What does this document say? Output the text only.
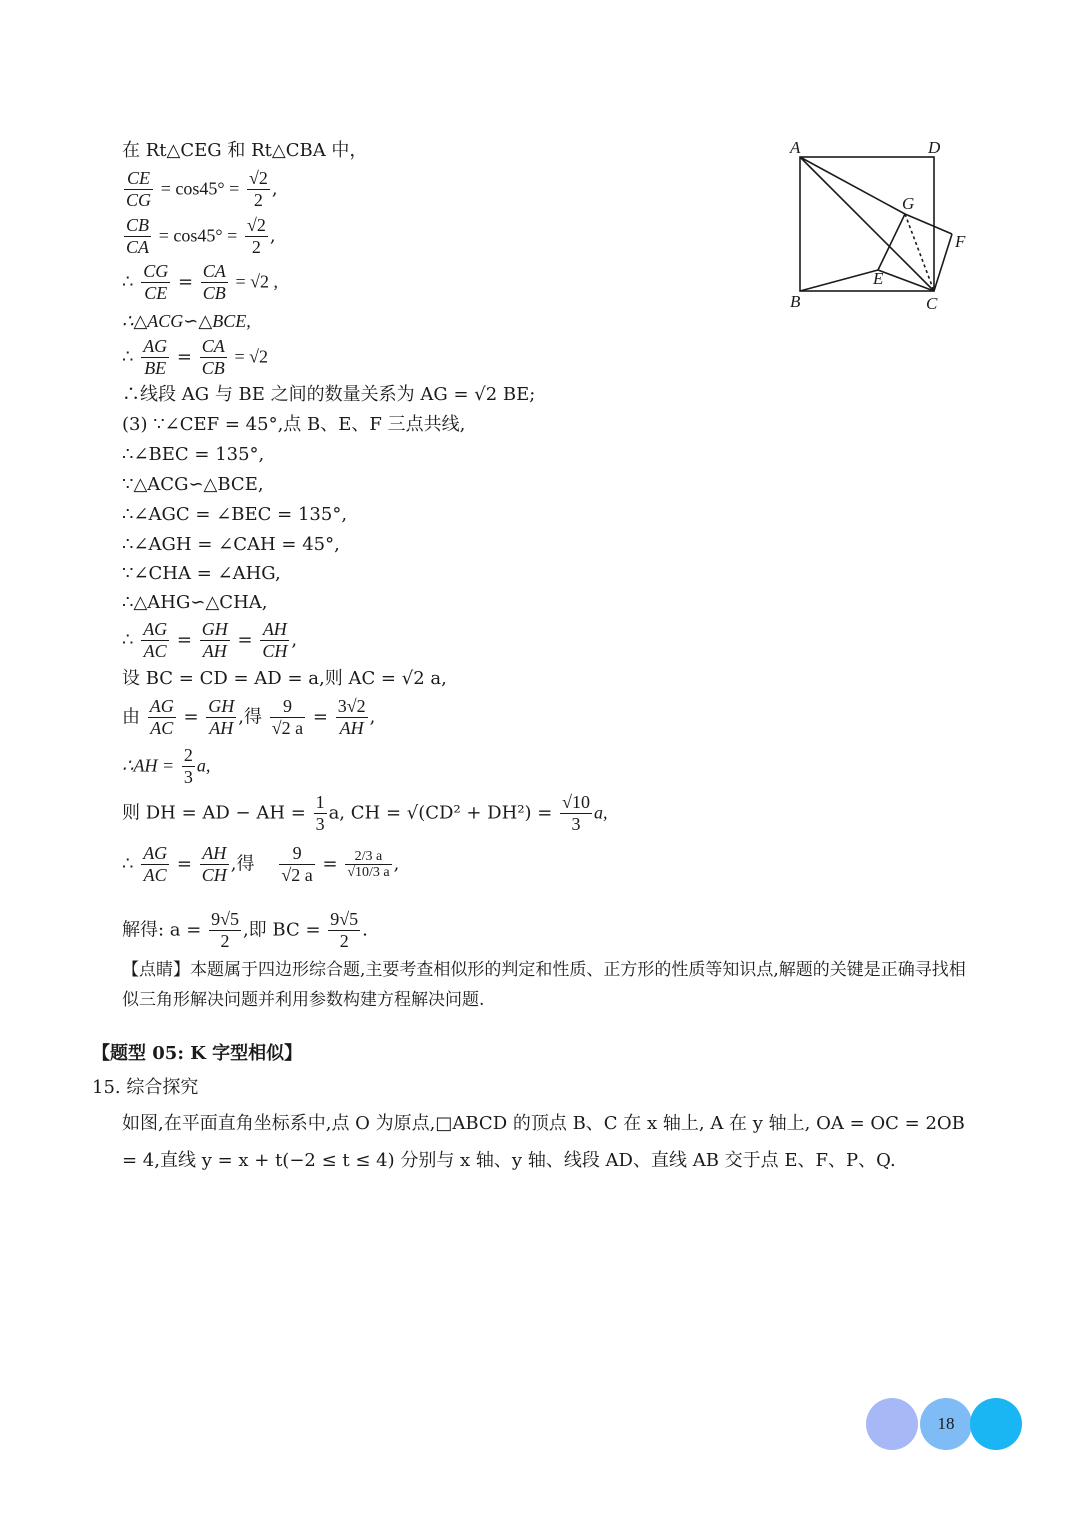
在 Rt△CEG 和 Rt△CBA 中，
$\frac{CE}{CG} = \cos 45^\circ = \frac{√2}{2}$ ,
$\frac{CB}{CA} = \cos 45^\circ = \frac{√2}{2}$ ,
∴ $\frac{CG}{CE} = \frac{CA}{CB} = √2$ ,
∴△ACG∽△BCE,
∴ $\frac{AG}{BE} = \frac{CA}{CB} = √2$
∴线段 AG 与 BE 之间的数量关系为 AG = √2 BE;
(3) ∵∠CEF = 45°,点 B、E、F 三点共线,
∴∠BEC = 135°,
∵△ACG∽△BCE,
∴∠AGC = ∠BEC = 135°,
∴∠AGH = ∠CAH = 45°,
∵∠CHA = ∠AHG,
∴△AHG∽△CHA,
∴ $\frac{AG}{AC} = \frac{GH}{AH} = \frac{AH}{CH}$ ,
设 BC = CD = AD = a,则 AC = √2 a,
由 $\frac{AG}{AC} = \frac{GH}{AH}$ ,得 $\frac{9}{√2 a} = \frac{3√2}{AH}$ ,
∴AH = $\frac{2}{3} a$,
则 DH = AD − AH = $\frac{1}{3} a$, CH = $√(CD^2 + DH^2) = \frac{√10}{3} a$,
∴ $\frac{AG}{AC} = \frac{AH}{CH}$ ,得 $\frac{9}{√2 a} = \frac{2/3 a}{√10/3 a}$ ,
解得: $a = \frac{9√5}{2}$ ,即 BC = $\frac{9√5}{2}$ .
【点睛】本题属于四边形综合题,主要考查相似形的判定和性质、正方形的性质等知识点,解题的关键是正确寻找相似三角形解决问题并利用参数构建方程解决问题.
【题型 05: K 字型相似】
15. 综合探究
如图,在平面直角坐标系中,点 O 为原点,□ABCD 的顶点 B、C 在 x 轴上, A 在 y 轴上, OA = OC = 2OB = 4,直线 y = x + t(−2 ≤ t ≤ 4) 分别与 x 轴、y 轴、线段 AD、直线 AB 交于点 E、F、P、Q.
A	D
B	C
G
E
F
18
